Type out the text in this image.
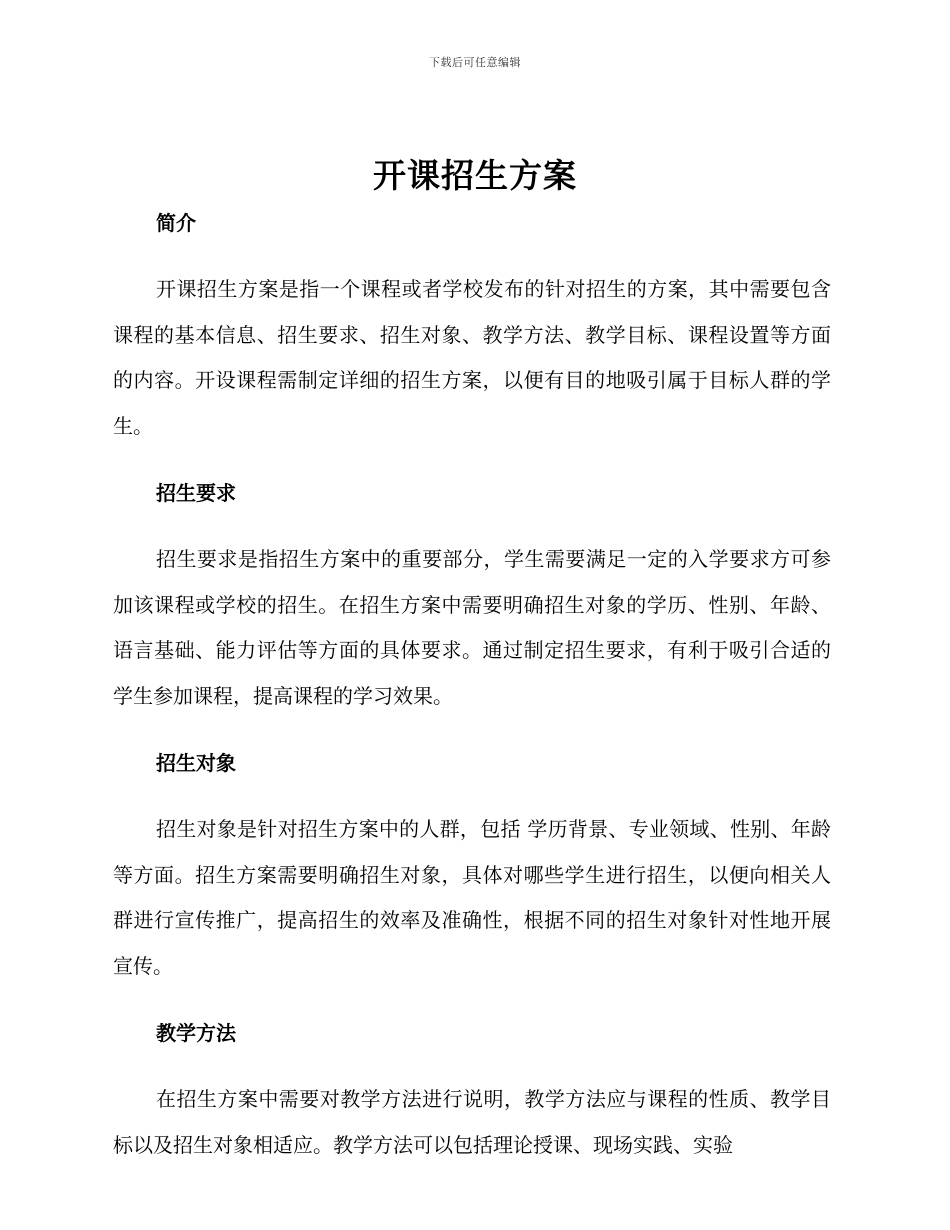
下载后可任意编辑
开课招生方案
简介

开课招生方案是指一个课程或者学校发布的针对招生的方案，其中需要包含课程的基本信息、招生要求、招生对象、教学方法、教学目标、课程设置等方面的内容。开设课程需制定详细的招生方案，以便有目的地吸引属于目标人群的学生。

招生要求

招生要求是指招生方案中的重要部分，学生需要满足一定的入学要求方可参加该课程或学校的招生。在招生方案中需要明确招生对象的学历、性别、年龄、语言基础、能力评估等方面的具体要求。通过制定招生要求，有利于吸引合适的学生参加课程，提高课程的学习效果。

招生对象

招生对象是针对招生方案中的人群，包括 学历背景、专业领域、性别、年龄等方面。招生方案需要明确招生对象，具体对哪些学生进行招生，以便向相关人群进行宣传推广，提高招生的效率及准确性，根据不同的招生对象针对性地开展宣传。

教学方法

在招生方案中需要对教学方法进行说明，教学方法应与课程的性质、教学目标以及招生对象相适应。教学方法可以包括理论授课、现场实践、实验
